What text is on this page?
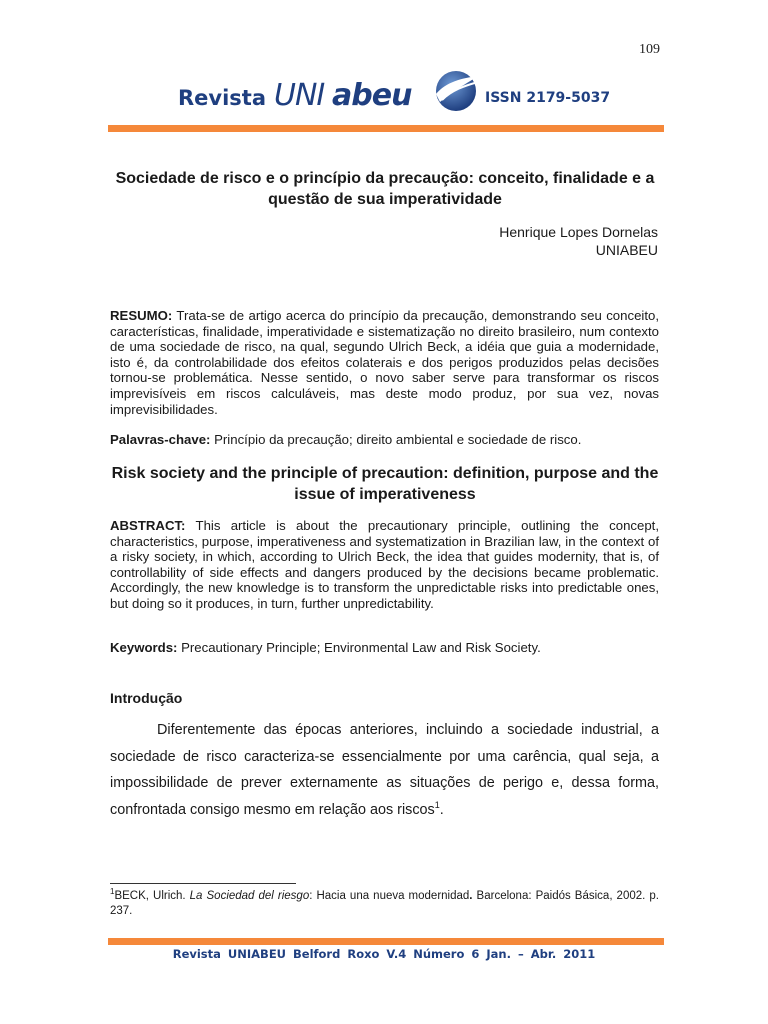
109
Revista UNI abeu	ISSN 2179-5037
Sociedade de risco e o princípio da precaução: conceito, finalidade e a questão de sua imperatividade
Henrique Lopes Dornelas
UNIABEU
RESUMO: Trata-se de artigo acerca do princípio da precaução, demonstrando seu conceito, características, finalidade, imperatividade e sistematização no direito brasileiro, num contexto de uma sociedade de risco, na qual, segundo Ulrich Beck, a idéia que guia a modernidade, isto é, da controlabilidade dos efeitos colaterais e dos perigos produzidos pelas decisões tornou-se problemática. Nesse sentido, o novo saber serve para transformar os riscos imprevisíveis em riscos calculáveis, mas deste modo produz, por sua vez, novas imprevisibilidades.
Palavras-chave: Princípio da precaução; direito ambiental e sociedade de risco.
Risk society and the principle of precaution: definition, purpose and the issue of imperativeness
ABSTRACT: This article is about the precautionary principle, outlining the concept, characteristics, purpose, imperativeness and systematization in Brazilian law, in the context of a risky society, in which, according to Ulrich Beck, the idea that guides modernity, that is, of controllability of side effects and dangers produced by the decisions became problematic. Accordingly, the new knowledge is to transform the unpredictable risks into predictable ones, but doing so it produces, in turn, further unpredictability.
Keywords: Precautionary Principle; Environmental Law and Risk Society.
Introdução
Diferentemente das épocas anteriores, incluindo a sociedade industrial, a sociedade de risco caracteriza-se essencialmente por uma carência, qual seja, a impossibilidade de prever externamente as situações de perigo e, dessa forma, confrontada consigo mesmo em relação aos riscos$^1$.
$^1$BECK, Ulrich. La Sociedad del riesgo: Hacia una nueva modernidad. Barcelona: Paidós Básica, 2002. p. 237.
Revista UNIABEU Belford Roxo V.4 Número 6 Jan. – Abr. 2011
